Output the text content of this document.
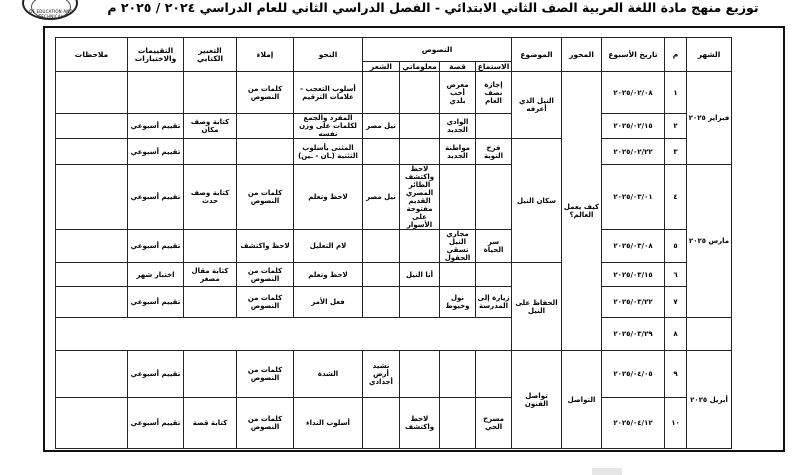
OF EDUCATION AND TECHNICAL
توزيع منهج مادة اللغة العربية الصف الثاني الابتدائي - الفصل الدراسي الثاني للعام الدراسي ٢٠٢٤ / ٢٠٢٥ م
الشهر	م	تاريخ الأسبوع	المحور	الموضوع	النصوص				النحو	إملاء	التعبير الكتابي	التقييمات والاختبارات	ملاحظات	
					الاستماع	قصة	معلوماتي	الشعر						
فبراير ٢٠٢٥	١	٢٠٢٥/٠٢/٠٨	كيف يعمل العالم؟	النيل الذي أعرفه	إجازة نصف العام	معرض أحب بلدي			أسلوب التعجب - علامات الترقيم	كلمات من النصوص				
	٢	٢٠٢٥/٠٢/١٥				الوادي الجديد		نيل مصر	المفرد والجمع لكلمات على وزن نفسه		كتابة وصف مكان	تقييم أسبوعي		
	٣	٢٠٢٥/٠٢/٢٢		سكان النيل	فرح النوبة	مواطنة الجديد			المثنى بأسلوب التثنية (ـان - ـين)			تقييم أسبوعي		
مارس ٢٠٢٥	٤	٢٠٢٥/٠٣/٠١					لاحظ واكتشف الطائر المصري القديم مفتوحة على الأسوار	نيل مصر	لاحظ وتعلم	كلمات من النصوص	كتابة وصف حدث	تقييم أسبوعي		
	٥	٢٠٢٥/٠٣/٠٨			سر الحياة	مجاري النيل تسقي الحقول			لام التعليل	لاحظ واكتشف		تقييم أسبوعي		
	٦	٢٠٢٥/٠٣/١٥		الحفاظ على النيل			أنا النيل		لاحظ وتعلم	كلمات من النصوص	كتابة مقال مصغر	اختبار شهر		
	٧	٢٠٢٥/٠٣/٢٢			زيارة إلى المدرسة	نول وخيوط			فعل الأمر	كلمات من النصوص		تقييم أسبوعي		
	٨	٢٠٢٥/٠٣/٢٩		
أبريل ٢٠٢٥	٩	٢٠٢٥/٠٤/٠٥	التواصل	تواصل الفنون				نشيد أرض أجدادي	الشدة	كلمات من النصوص		تقييم أسبوعي		
	١٠	٢٠٢٥/٠٤/١٢			مسرح الحي		لاحظ واكتشف		أسلوب النداء	كلمات من النصوص	كتابة قصة	تقييم أسبوعي		
